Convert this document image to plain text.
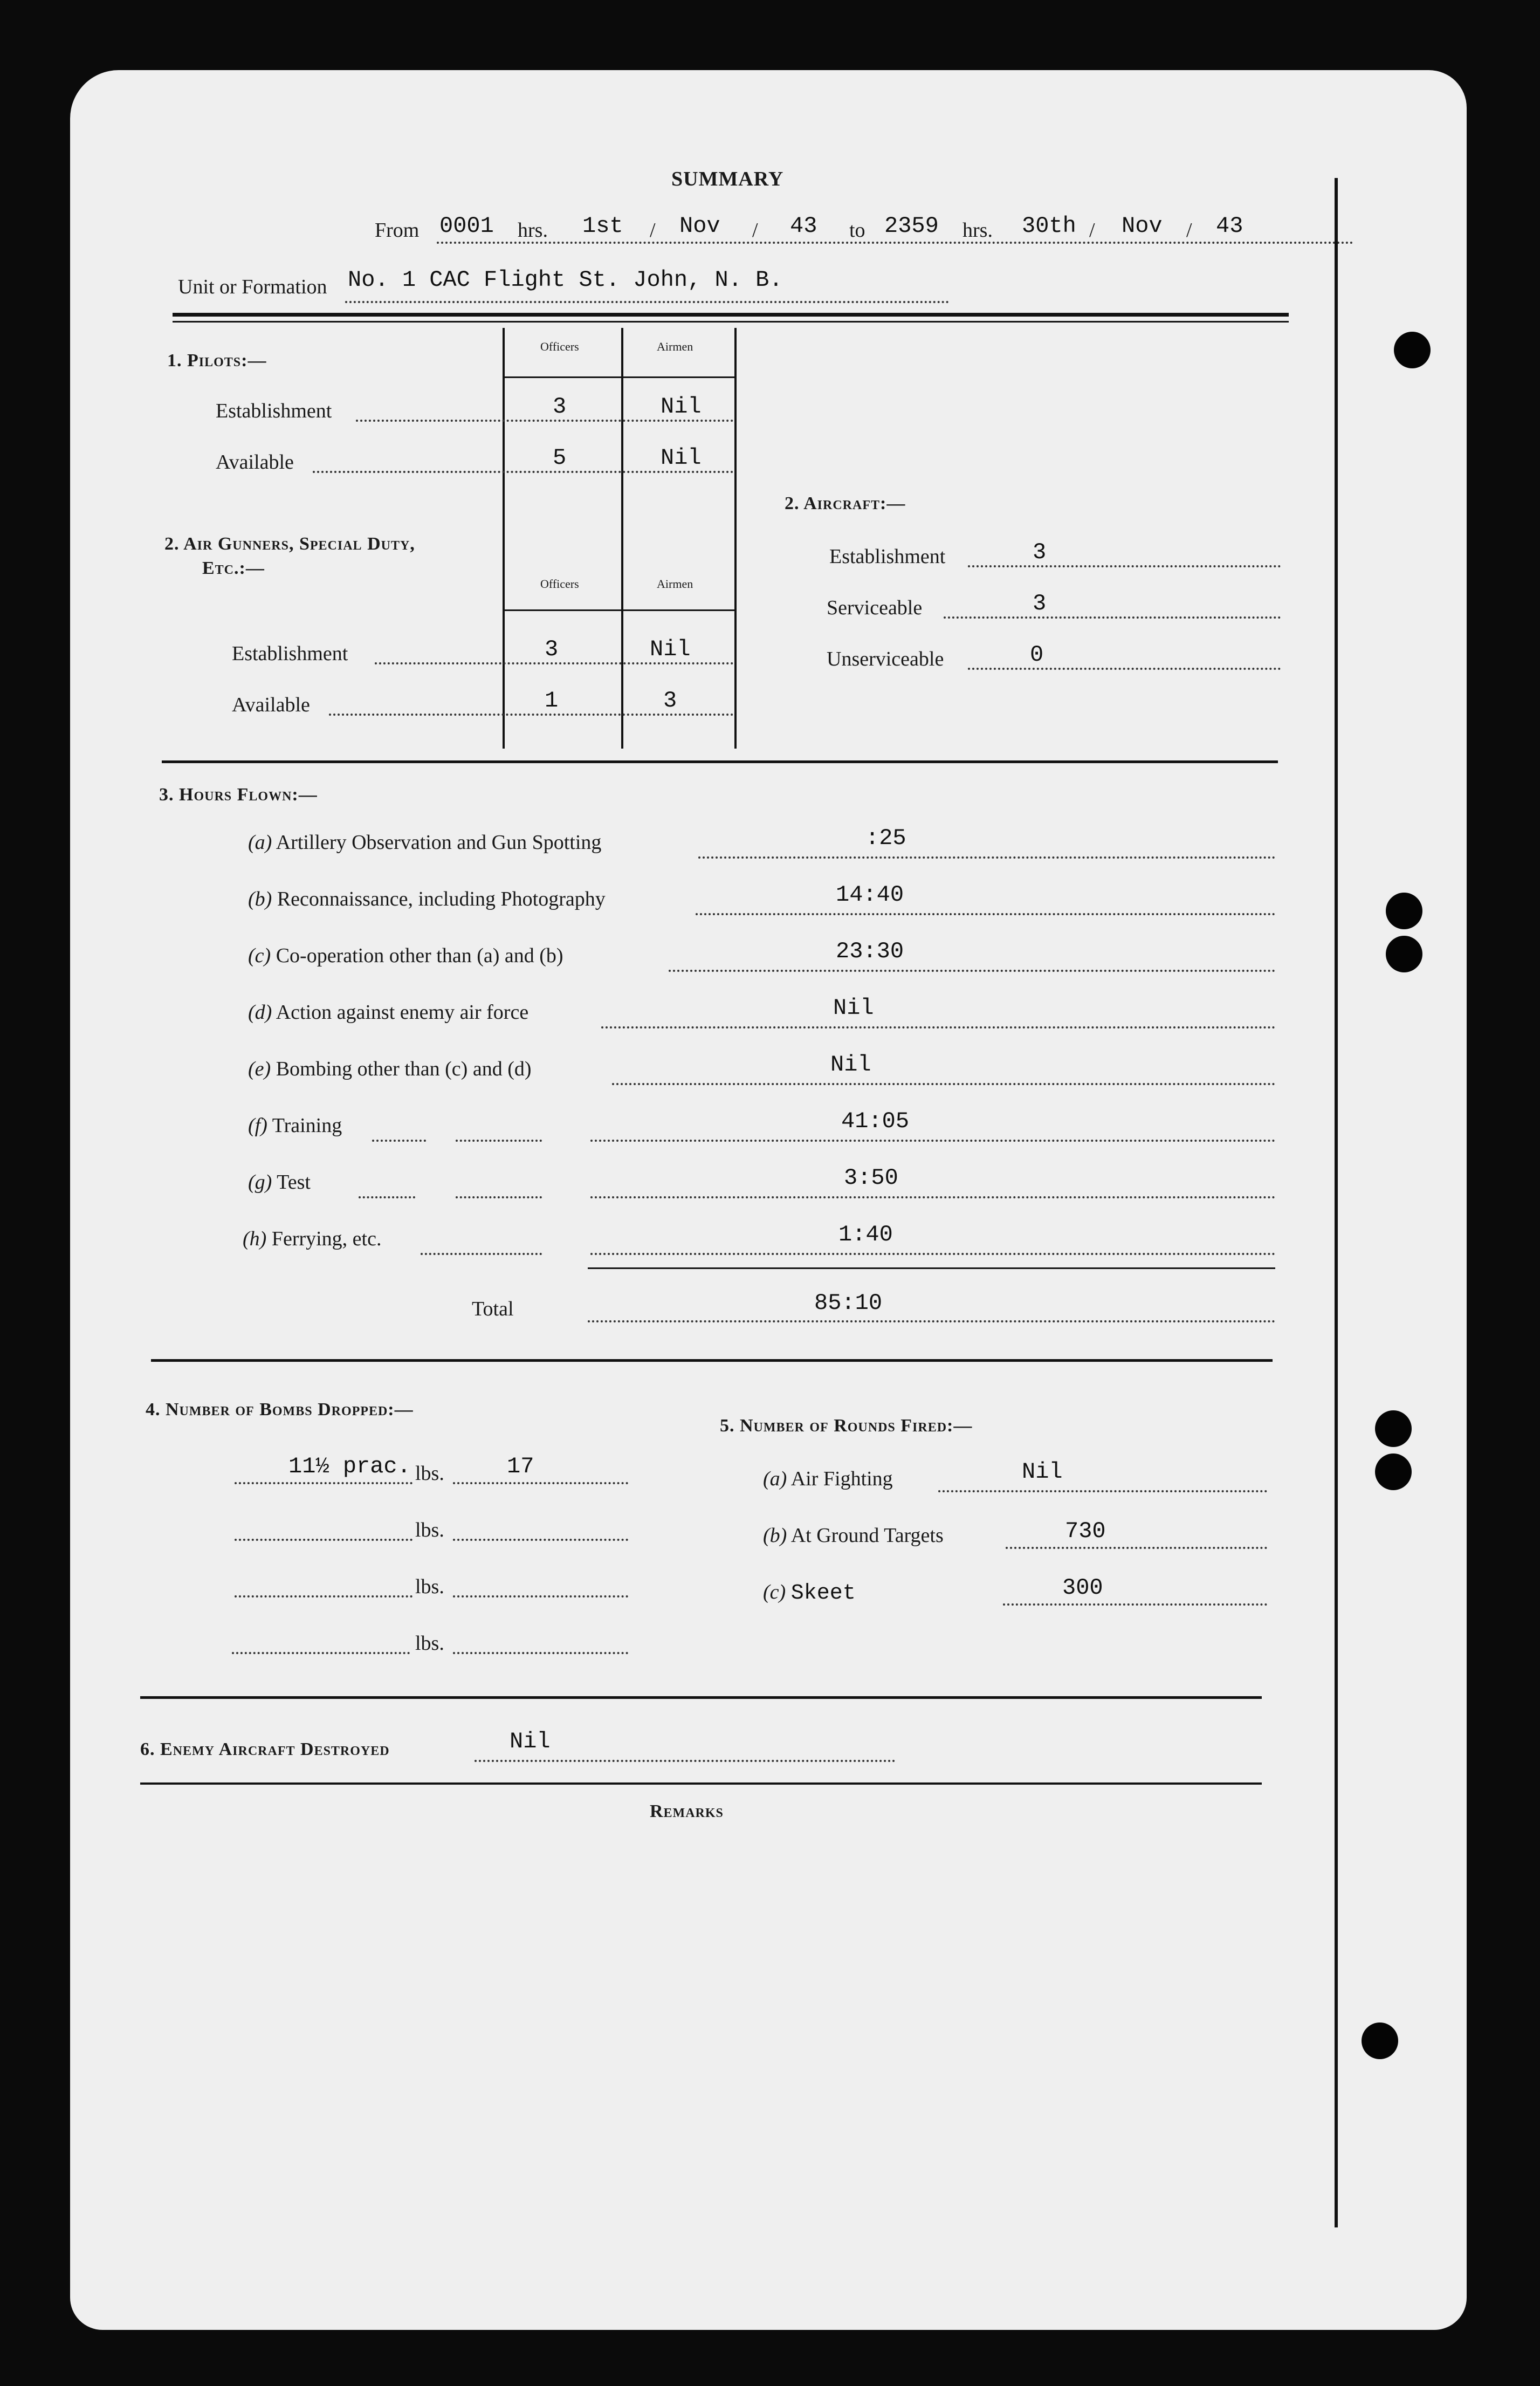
SUMMARY
From 0001 hrs. 1st / Nov / 43 to 2359 hrs. 30th / Nov / 43
Unit or Formation No. 1 CAC Flight St. John, N. B.
1. Pilots:—
Officers	Airmen
Establishment	3	Nil
Available	5	Nil
2. Air Gunners, Special Duty,
Etc.:—
Officers	Airmen
Establishment	3	Nil
Available	1	3
2. Aircraft:—
Establishment	3
Serviceable	3
Unserviceable	0
3. Hours Flown:—
(a) Artillery Observation and Gun Spotting	:25
(b) Reconnaissance, including Photography	14:40
(c) Co-operation other than (a) and (b)	23:30
(d) Action against enemy air force	Nil
(e) Bombing other than (c) and (d)	Nil
(f) Training	41:05
(g) Test	3:50
(h) Ferrying, etc.	1:40
Total	85:10
4. Number of Bombs Dropped:—
11½ prac. lbs.	17
lbs.
lbs.
lbs.
5. Number of Rounds Fired:—
(a) Air Fighting	Nil
(b) At Ground Targets	730
(c) Skeet	300
6. Enemy Aircraft Destroyed	Nil
Remarks
